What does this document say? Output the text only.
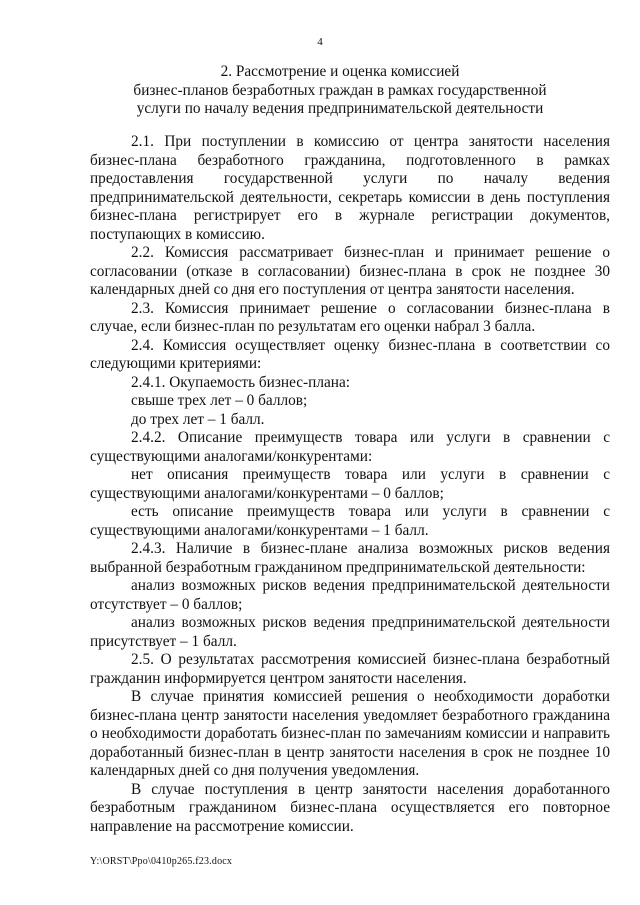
4
2. Рассмотрение и оценка комиссией
бизнес-планов безработных граждан в рамках государственной
услуги по началу ведения предпринимательской деятельности

2.1. При поступлении в комиссию от центра занятости населения бизнес-плана безработного гражданина, подготовленного в рамках предоставления государственной услуги по началу ведения предпринимательской деятельности, секретарь комиссии в день поступления бизнес-плана регистрирует его в журнале регистрации документов, поступающих в комиссию.

2.2. Комиссия рассматривает бизнес-план и принимает решение о согласовании (отказе в согласовании) бизнес-плана в срок не позднее 30 календарных дней со дня его поступления от центра занятости населения.

2.3. Комиссия принимает решение о согласовании бизнес-плана в случае, если бизнес-план по результатам его оценки набрал 3 балла.

2.4. Комиссия осуществляет оценку бизнес-плана в соответствии со следующими критериями:

2.4.1. Окупаемость бизнес-плана:

свыше трех лет – 0 баллов;

до трех лет – 1 балл.

2.4.2. Описание преимуществ товара или услуги в сравнении с существующими аналогами/конкурентами:

нет описания преимуществ товара или услуги в сравнении с существующими аналогами/конкурентами – 0 баллов;

есть описание преимуществ товара или услуги в сравнении с существующими аналогами/конкурентами – 1 балл.

2.4.3. Наличие в бизнес-плане анализа возможных рисков ведения выбранной безработным гражданином предпринимательской деятельности:

анализ возможных рисков ведения предпринимательской деятельности отсутствует – 0 баллов;

анализ возможных рисков ведения предпринимательской деятельности присутствует – 1 балл.

2.5. О результатах рассмотрения комиссией бизнес-плана безработный гражданин информируется центром занятости населения.

В случае принятия комиссией решения о необходимости доработки бизнес-плана центр занятости населения уведомляет безработного гражданина о необходимости доработать бизнес-план по замечаниям комиссии и направить доработанный бизнес-план в центр занятости населения в срок не позднее 10 календарных дней со дня получения уведомления.

В случае поступления в центр занятости населения доработанного безработным гражданином бизнес-плана осуществляется его повторное направление на рассмотрение комиссии.

Y:\ORST\Ppo\0410p265.f23.docx
